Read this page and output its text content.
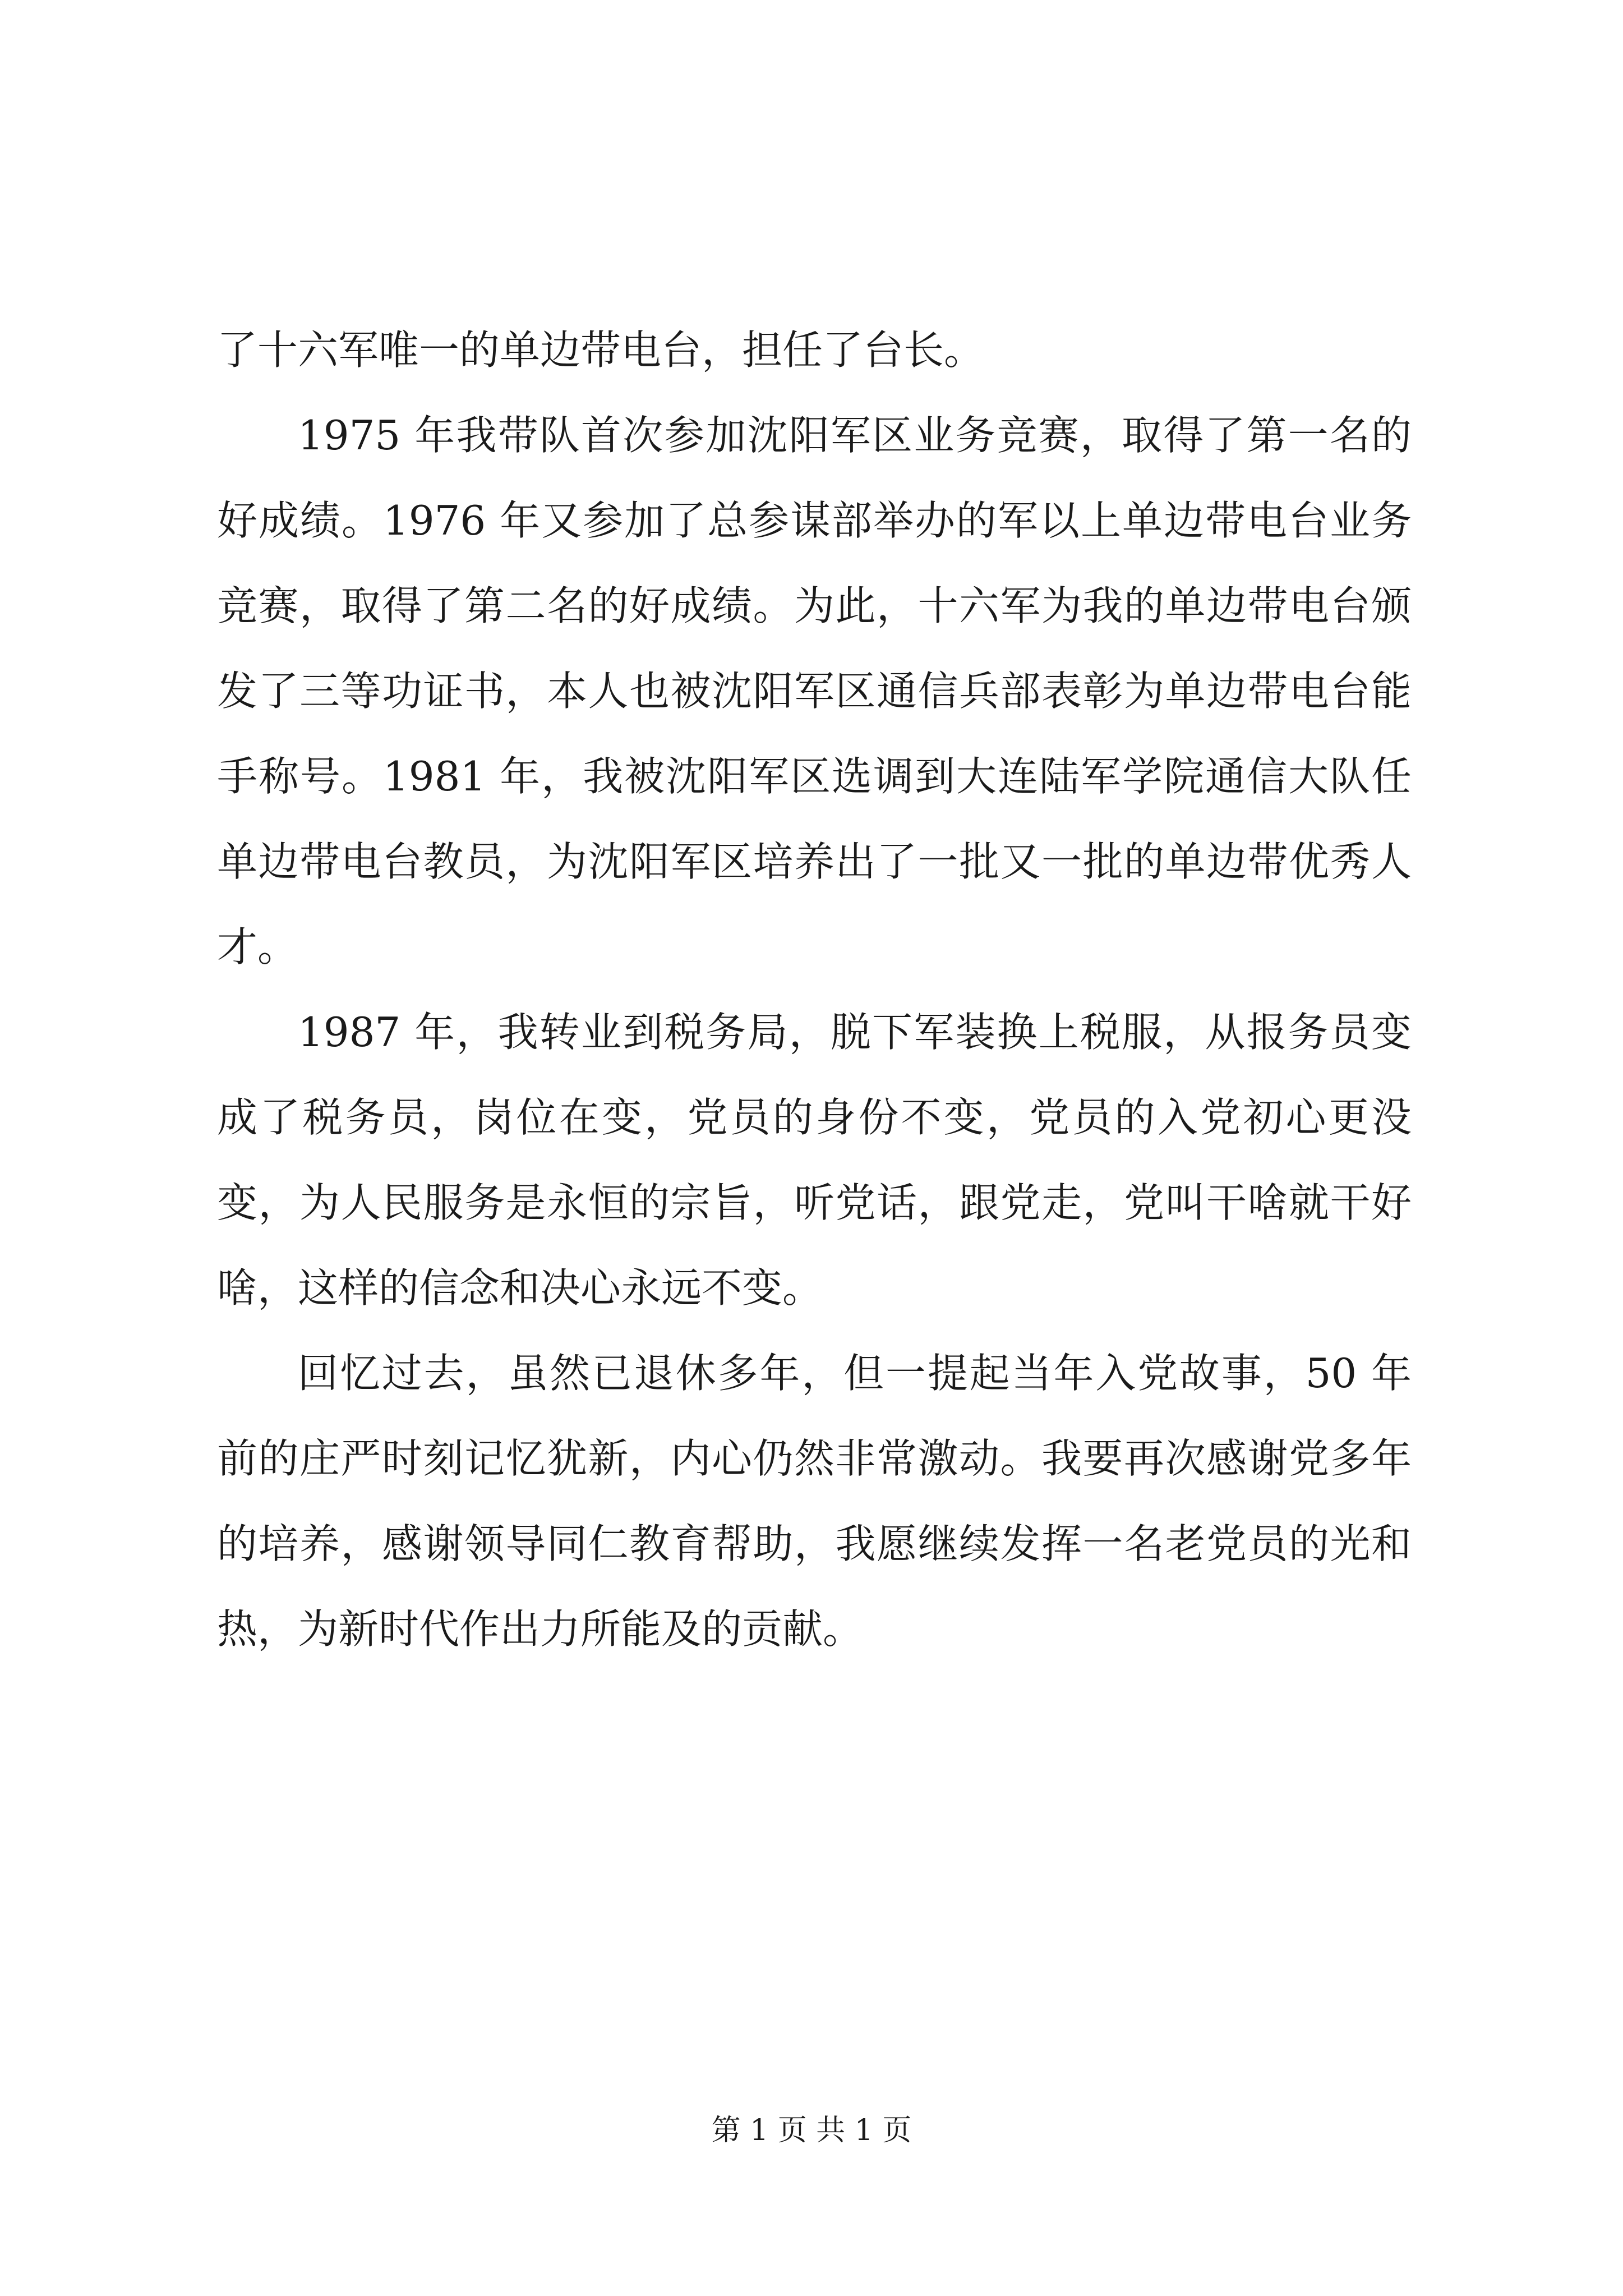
了十六军唯一的单边带电台，担任了台长。

1975 年我带队首次参加沈阳军区业务竞赛，取得了第一名的好成绩。1976 年又参加了总参谋部举办的军以上单边带电台业务竞赛，取得了第二名的好成绩。为此，十六军为我的单边带电台颁发了三等功证书，本人也被沈阳军区通信兵部表彰为单边带电台能手称号。1981 年，我被沈阳军区选调到大连陆军学院通信大队任单边带电台教员，为沈阳军区培养出了一批又一批的单边带优秀人才。

1987 年，我转业到税务局，脱下军装换上税服，从报务员变成了税务员，岗位在变，党员的身份不变，党员的入党初心更没变，为人民服务是永恒的宗旨，听党话，跟党走，党叫干啥就干好啥，这样的信念和决心永远不变。

回忆过去，虽然已退休多年，但一提起当年入党故事，50 年前的庄严时刻记忆犹新，内心仍然非常激动。我要再次感谢党多年的培养，感谢领导同仁教育帮助，我愿继续发挥一名老党员的光和热，为新时代作出力所能及的贡献。

第 1 页 共 1 页
